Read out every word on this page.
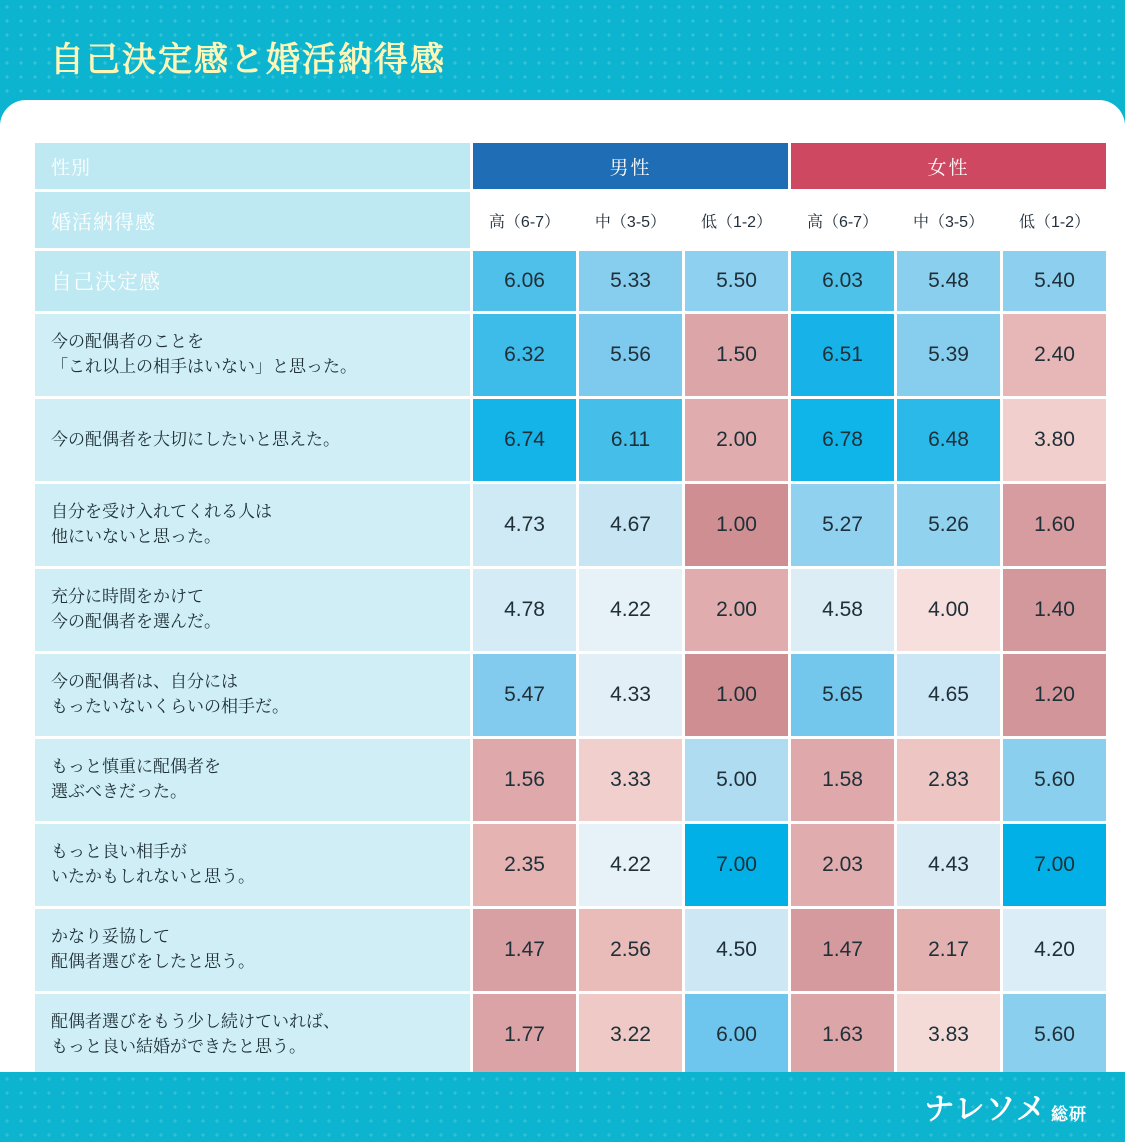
自己決定感と婚活納得感
性別	男性			女性		
婚活納得感	高（6-7）	中（3-5）	低（1-2）	高（6-7）	中（3-5）	低（1-2）
自己決定感	6.06	5.33	5.50	6.03	5.48	5.40
今の配偶者のことを
「これ以上の相手はいない」と思った。	6.32	5.56	1.50	6.51	5.39	2.40
今の配偶者を大切にしたいと思えた。	6.74	6.11	2.00	6.78	6.48	3.80
自分を受け入れてくれる人は
他にいないと思った。	4.73	4.67	1.00	5.27	5.26	1.60
充分に時間をかけて
今の配偶者を選んだ。	4.78	4.22	2.00	4.58	4.00	1.40
今の配偶者は、自分には
もったいないくらいの相手だ。	5.47	4.33	1.00	5.65	4.65	1.20
もっと慎重に配偶者を
選ぶべきだった。	1.56	3.33	5.00	1.58	2.83	5.60
もっと良い相手が
いたかもしれないと思う。	2.35	4.22	7.00	2.03	4.43	7.00
かなり妥協して
配偶者選びをしたと思う。	1.47	2.56	4.50	1.47	2.17	4.20
配偶者選びをもう少し続けていれば、
もっと良い結婚ができたと思う。	1.77	3.22	6.00	1.63	3.83	5.60
ナレソメ 総研
